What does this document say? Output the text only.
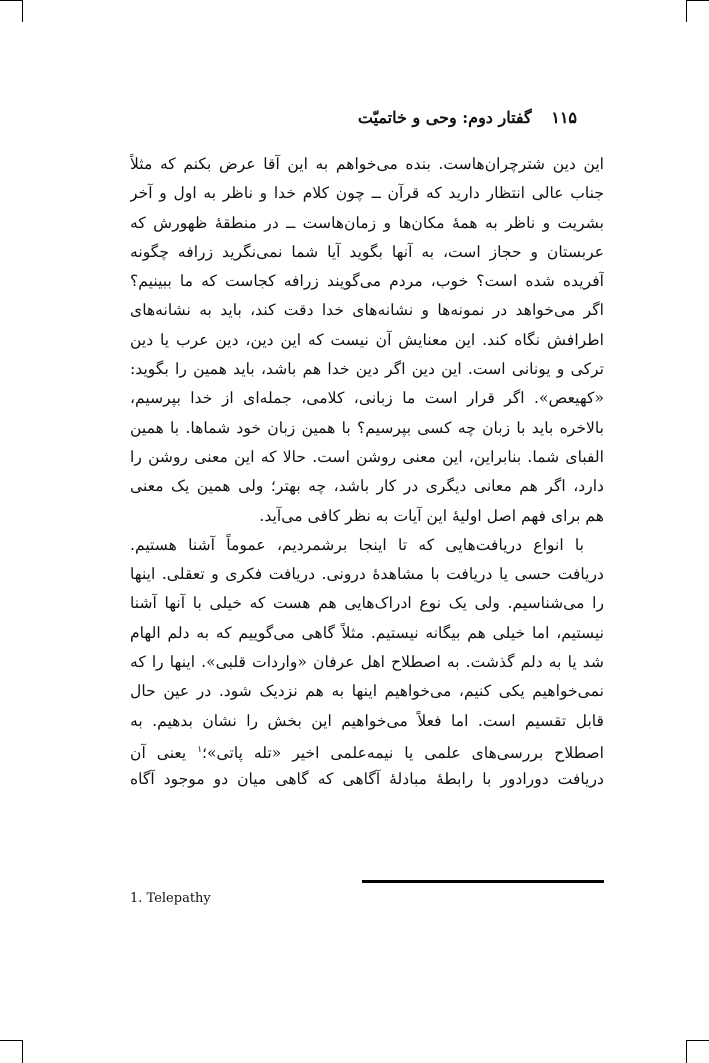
۱۱۵ گفتار دوم: وحی و خاتمیّت
این دین شترچران‌هاست. بنده می‌خواهم به این آقا عرض بکنم که مثلاً
جناب عالی انتظار دارید که قرآن ــ چون کلام خدا و ناظر به اول و آخر
بشریت و ناظر به همهٔ مکان‌ها و زمان‌هاست ــ در منطقهٔ ظهورش که
عربستان و حجاز است، به آنها بگوید آیا شما نمی‌نگرید زرافه چگونه
آفریده شده است؟ خوب، مردم می‌گویند زرافه کجاست که ما ببینیم؟
اگر می‌خواهد در نمونه‌ها و نشانه‌های خدا دقت کند، باید به نشانه‌های
اطرافش نگاه کند. این معنایش آن نیست که این دین، دین عرب یا دین
ترکی و یونانی است. این دین اگر دین خدا هم باشد، باید همین را بگوید:
«کهیعص». اگر قرار است ما زبانی، کلامی، جمله‌ای از خدا بپرسیم،
بالاخره باید با زبان چه کسی بپرسیم؟ با همین زبان خود شماها. با همین
الفبای شما. بنابراین، این معنی روشن است. حالا که این معنی روشن را
دارد، اگر هم معانی دیگری در کار باشد، چه بهتر؛ ولی همین یک معنی
هم برای فهم اصل اولیهٔ این آیات به نظر کافی می‌آید.
با انواع دریافت‌هایی که تا اینجا برشمردیم، عموماً آشنا هستیم.
دریافت حسی یا دریافت با مشاهدهٔ درونی. دریافت فکری و تعقلی. اینها
را می‌شناسیم. ولی یک نوع ادراک‌هایی هم هست که خیلی با آنها آشنا
نیستیم، اما خیلی هم بیگانه نیستیم. مثلاً گاهی می‌گوییم که به دلم الهام
شد یا به دلم گذشت. به اصطلاح اهل عرفان «واردات قلبی». اینها را که
نمی‌خواهیم یکی کنیم، می‌خواهیم اینها به هم نزدیک شود. در عین حال
قابل تقسیم است. اما فعلاً می‌خواهیم این بخش را نشان بدهیم. به
اصطلاح بررسی‌های علمی یا نیمه‌علمی اخیر «تله پاتی»؛$^۱$ یعنی آن
دریافت دورادور با رابطهٔ مبادلهٔ آگاهی که گاهی میان دو موجود آگاه
1. Telepathy
